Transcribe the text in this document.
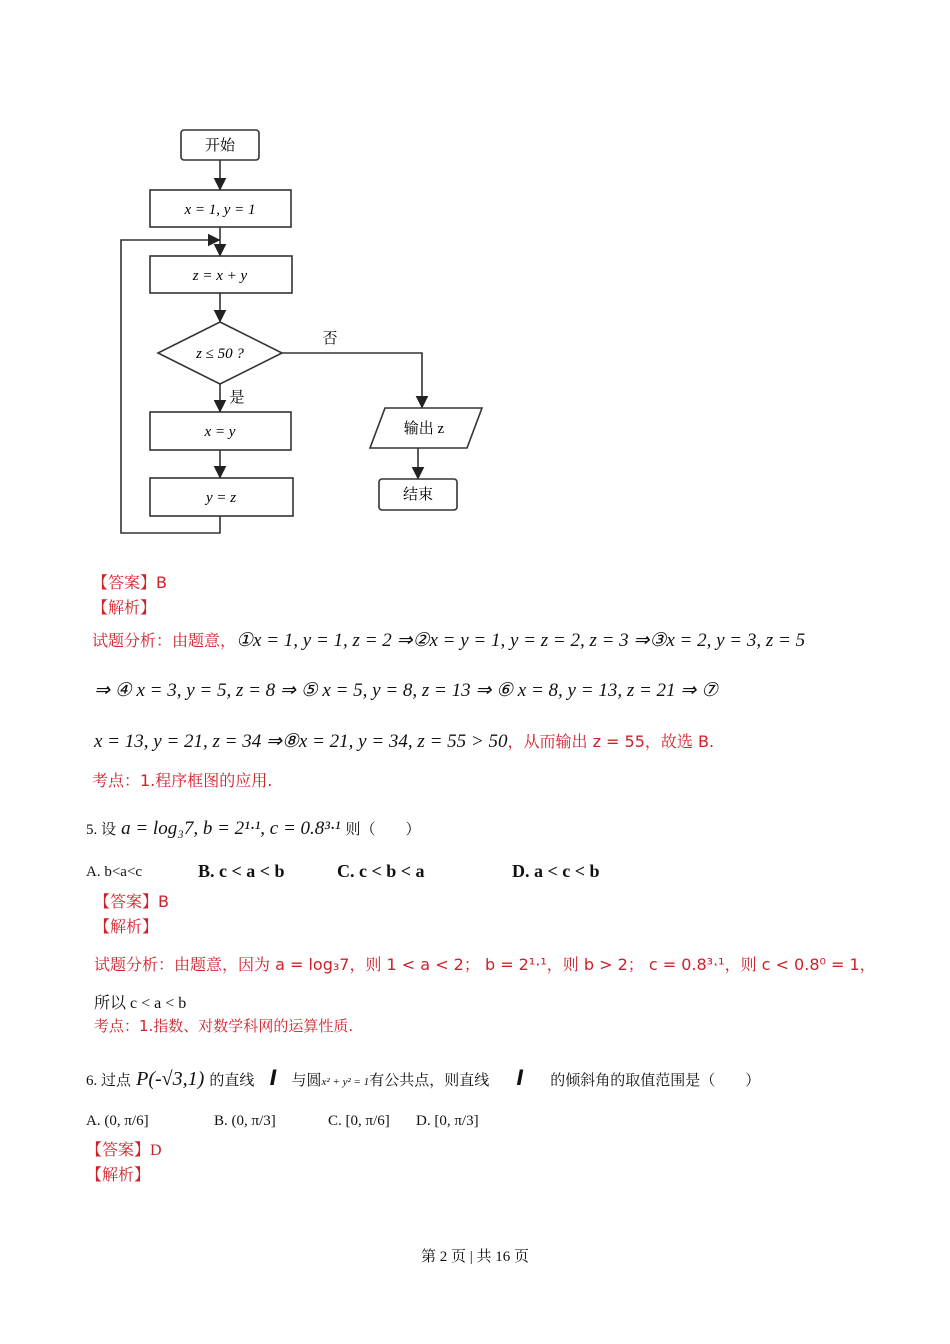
开始
x = 1, y = 1
z = x + y
z ≤ 50 ?
否
是
x = y
y = z
输出 z
结束
【答案】B
【解析】
试题分析：由题意，①x = 1, y = 1, z = 2 ⇒②x = y = 1, y = z = 2, z = 3 ⇒③x = 2, y = 3, z = 5
⇒ ④ x = 3, y = 5, z = 8 ⇒ ⑤ x = 5, y = 8, z = 13 ⇒ ⑥ x = 8, y = 13, z = 21 ⇒ ⑦
x = 13, y = 21, z = 34 ⇒⑧x = 21, y = 34, z = 55 > 50，从而输出 z = 55，故选 B.
考点：1.程序框图的应用.
5. 设 a = log₃7, b = 2¹·¹, c = 0.8³·¹ 则（　　）
A. b<a<c	B. c < a < b	C. c < b < a	D. a < c < b
【答案】B
【解析】
试题分析：由题意，因为 a = log₃7，则 1 < a < 2； b = 2¹·¹，则 b > 2； c = 0.8³·¹，则 c < 0.8⁰ = 1，
所以 c < a < b
考点：1.指数、对数学科网的运算性质.
6. 过点 P(-√3,1) 的直线 l 与圆x² + y² = 1有公共点，则直线 l 的倾斜角的取值范围是（　　）
A. (0, π/6]	B. (0, π/3]	C. [0, π/6] D. [0, π/3]
【答案】D
【解析】
第 2 页 | 共 16 页
